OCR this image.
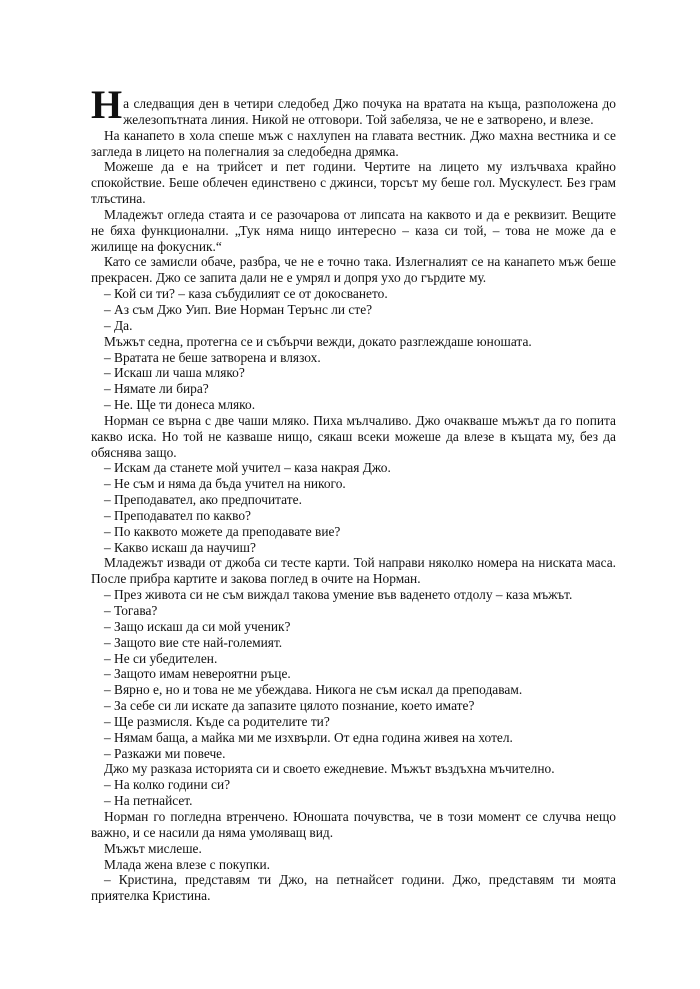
Н а следващия ден в четири следобед Джо почука на вратата на къща, разположена до железопътната линия. Никой не отговори. Той забеляза, че не е затворено, и влезе.

На канапето в хола спеше мъж с нахлупен на главата вестник. Джо махна вестника и се загледа в лицето на полегналия за следобедна дрямка.

Можеше да е на трийсет и пет години. Чертите на лицето му излъчваха крайно спокойствие. Беше облечен единствено с джинси, торсът му беше гол. Мускулест. Без грам тлъстина.

Младежът огледа стаята и се разочарова от липсата на каквото и да е реквизит. Вещите не бяха функционални. „Тук няма нищо интересно – каза си той, – това не може да е жилище на фокусник.“

Като се замисли обаче, разбра, че не е точно така. Излегналият се на канапето мъж беше прекрасен. Джо се запита дали не е умрял и допря ухо до гърдите му.

– Кой си ти? – каза събудилият се от докосването.

– Аз съм Джо Уип. Вие Норман Терънс ли сте?

– Да.

Мъжът седна, протегна се и събърчи вежди, докато разглеждаше юношата.

– Вратата не беше затворена и влязох.

– Искаш ли чаша мляко?

– Нямате ли бира?

– Не. Ще ти донеса мляко.

Норман се върна с две чаши мляко. Пиха мълчаливо. Джо очакваше мъжът да го попита какво иска. Но той не казваше нищо, сякаш всеки можеше да влезе в къщата му, без да обяснява защо.

– Искам да станете мой учител – каза накрая Джо.

– Не съм и няма да бъда учител на никого.

– Преподавател, ако предпочитате.

– Преподавател по какво?

– По каквото можете да преподавате вие?

– Какво искаш да научиш?

Младежът извади от джоба си тесте карти. Той направи няколко номера на ниската маса. После прибра картите и закова поглед в очите на Норман.

– През живота си не съм виждал такова умение във ваденето отдолу – каза мъжът.

– Тогава?

– Защо искаш да си мой ученик?

– Защото вие сте най-големият.

– Не си убедителен.

– Защото имам невероятни ръце.

– Вярно е, но и това не ме убеждава. Никога не съм искал да преподавам.

– За себе си ли искате да запазите цялото познание, което имате?

– Ще размисля. Къде са родителите ти?

– Нямам баща, а майка ми ме изхвърли. От една година живея на хотел.

– Разкажи ми повече.

Джо му разказа историята си и своето ежедневие. Мъжът въздъхна мъчително.

– На колко години си?

– На петнайсет.

Норман го погледна втренчено. Юношата почувства, че в този момент се случва нещо важно, и се насили да няма умоляващ вид.

Мъжът мислеше.

Млада жена влезе с покупки.

– Кристина, представям ти Джо, на петнайсет години. Джо, представям ти моята приятелка Кристина.
